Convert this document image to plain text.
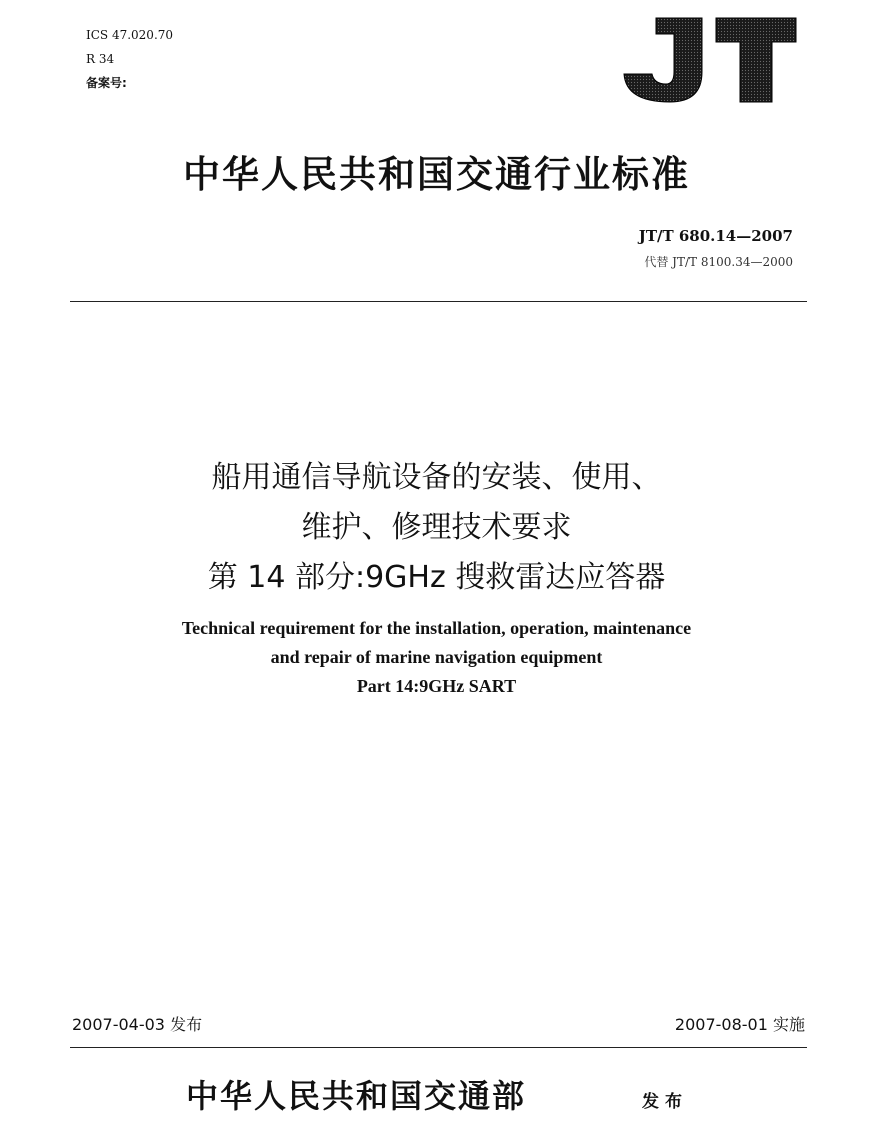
ICS 47.020.70
R 34
备案号:
中华人民共和国交通行业标准
JT/T 680.14—2007
代替 JT/T 8100.34—2000
船用通信导航设备的安装、使用、
维护、修理技术要求
第 14 部分:9GHz 搜救雷达应答器
Technical requirement for the installation, operation, maintenance
and repair of marine navigation equipment
Part 14:9GHz SART
2007-04-03 发布	2007-08-01 实施
中华人民共和国交通部	发布
